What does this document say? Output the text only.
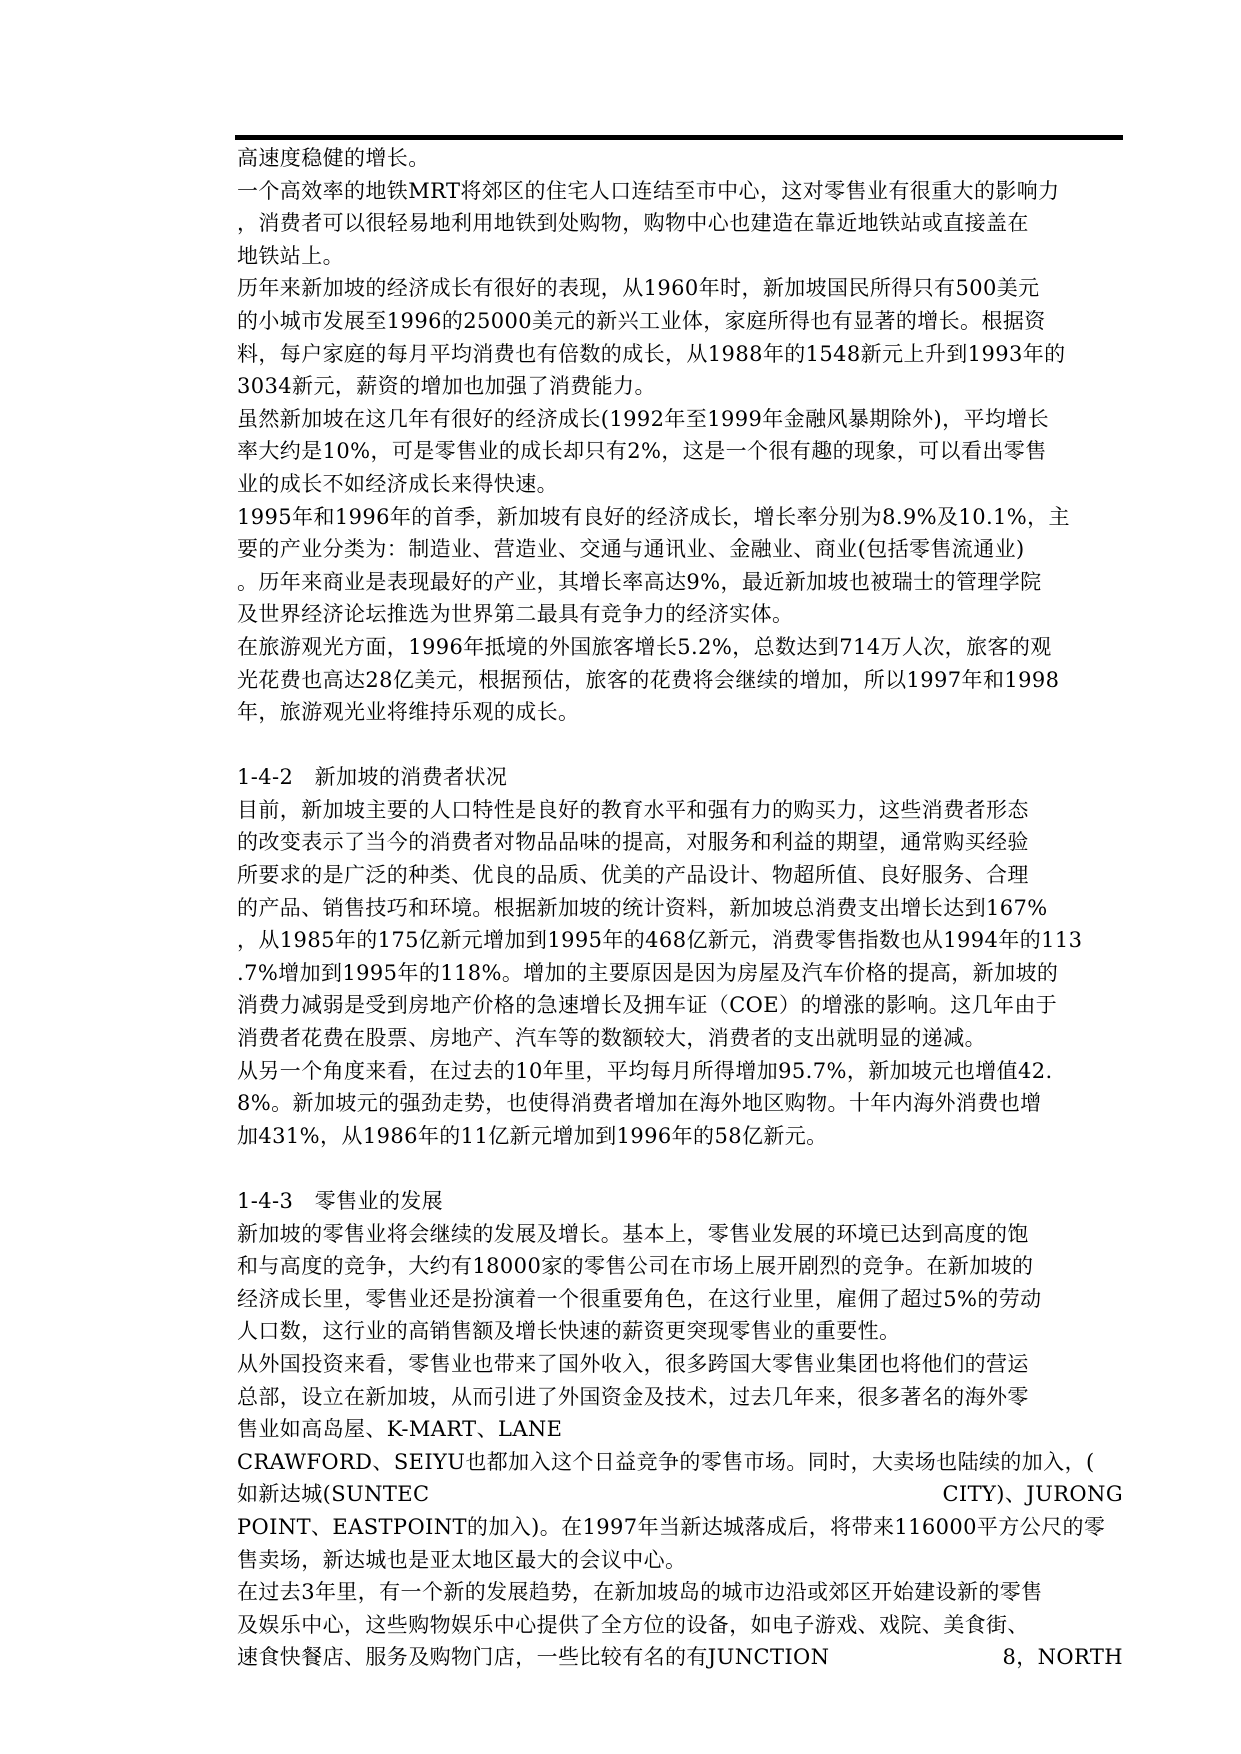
高速度稳健的增长。
一个高效率的地铁MRT将郊区的住宅人口连结至市中心，这对零售业有很重大的影响力
，消费者可以很轻易地利用地铁到处购物，购物中心也建造在靠近地铁站或直接盖在
地铁站上。
历年来新加坡的经济成长有很好的表现，从1960年时，新加坡国民所得只有500美元
的小城市发展至1996的25000美元的新兴工业体，家庭所得也有显著的增长。根据资
料，每户家庭的每月平均消费也有倍数的成长，从1988年的1548新元上升到1993年的
3034新元，薪资的增加也加强了消费能力。
虽然新加坡在这几年有很好的经济成长(1992年至1999年金融风暴期除外)，平均增长
率大约是10%，可是零售业的成长却只有2%，这是一个很有趣的现象，可以看出零售
业的成长不如经济成长来得快速。
1995年和1996年的首季，新加坡有良好的经济成长，增长率分别为8.9%及10.1%，主
要的产业分类为：制造业、营造业、交通与通讯业、金融业、商业(包括零售流通业)
。历年来商业是表现最好的产业，其增长率高达9%，最近新加坡也被瑞士的管理学院
及世界经济论坛推选为世界第二最具有竞争力的经济实体。
在旅游观光方面，1996年抵境的外国旅客增长5.2%，总数达到714万人次，旅客的观
光花费也高达28亿美元，根据预估，旅客的花费将会继续的增加，所以1997年和1998
年，旅游观光业将维持乐观的成长。
1-4-2　新加坡的消费者状况
目前，新加坡主要的人口特性是良好的教育水平和强有力的购买力，这些消费者形态
的改变表示了当今的消费者对物品品味的提高，对服务和利益的期望，通常购买经验
所要求的是广泛的种类、优良的品质、优美的产品设计、物超所值、良好服务、合理
的产品、销售技巧和环境。根据新加坡的统计资料，新加坡总消费支出增长达到167%
，从1985年的175亿新元增加到1995年的468亿新元，消费零售指数也从1994年的113
.7%增加到1995年的118%。增加的主要原因是因为房屋及汽车价格的提高，新加坡的
消费力减弱是受到房地产价格的急速增长及拥车证（COE）的增涨的影响。这几年由于
消费者花费在股票、房地产、汽车等的数额较大，消费者的支出就明显的递减。
从另一个角度来看，在过去的10年里，平均每月所得增加95.7%，新加坡元也增值42.
8%。新加坡元的强劲走势，也使得消费者增加在海外地区购物。十年内海外消费也增
加431%，从1986年的11亿新元增加到1996年的58亿新元。
1-4-3　零售业的发展
新加坡的零售业将会继续的发展及增长。基本上，零售业发展的环境已达到高度的饱
和与高度的竞争，大约有18000家的零售公司在市场上展开剧烈的竞争。在新加坡的
经济成长里，零售业还是扮演着一个很重要角色，在这行业里，雇佣了超过5%的劳动
人口数，这行业的高销售额及增长快速的薪资更突现零售业的重要性。
从外国投资来看，零售业也带来了国外收入，很多跨国大零售业集团也将他们的营运
总部，设立在新加坡，从而引进了外国资金及技术，过去几年来，很多著名的海外零
售业如高岛屋、K-MART、LANE
CRAWFORD、SEIYU也都加入这个日益竞争的零售市场。同时，大卖场也陆续的加入，(
如新达城(SUNTEC	CITY)、JURONG
POINT、EASTPOINT的加入)。在1997年当新达城落成后，将带来116000平方公尺的零
售卖场，新达城也是亚太地区最大的会议中心。
在过去3年里，有一个新的发展趋势，在新加坡岛的城市边沿或郊区开始建设新的零售
及娱乐中心，这些购物娱乐中心提供了全方位的设备，如电子游戏、戏院、美食街、
速食快餐店、服务及购物门店，一些比较有名的有JUNCTION	8，NORTH
